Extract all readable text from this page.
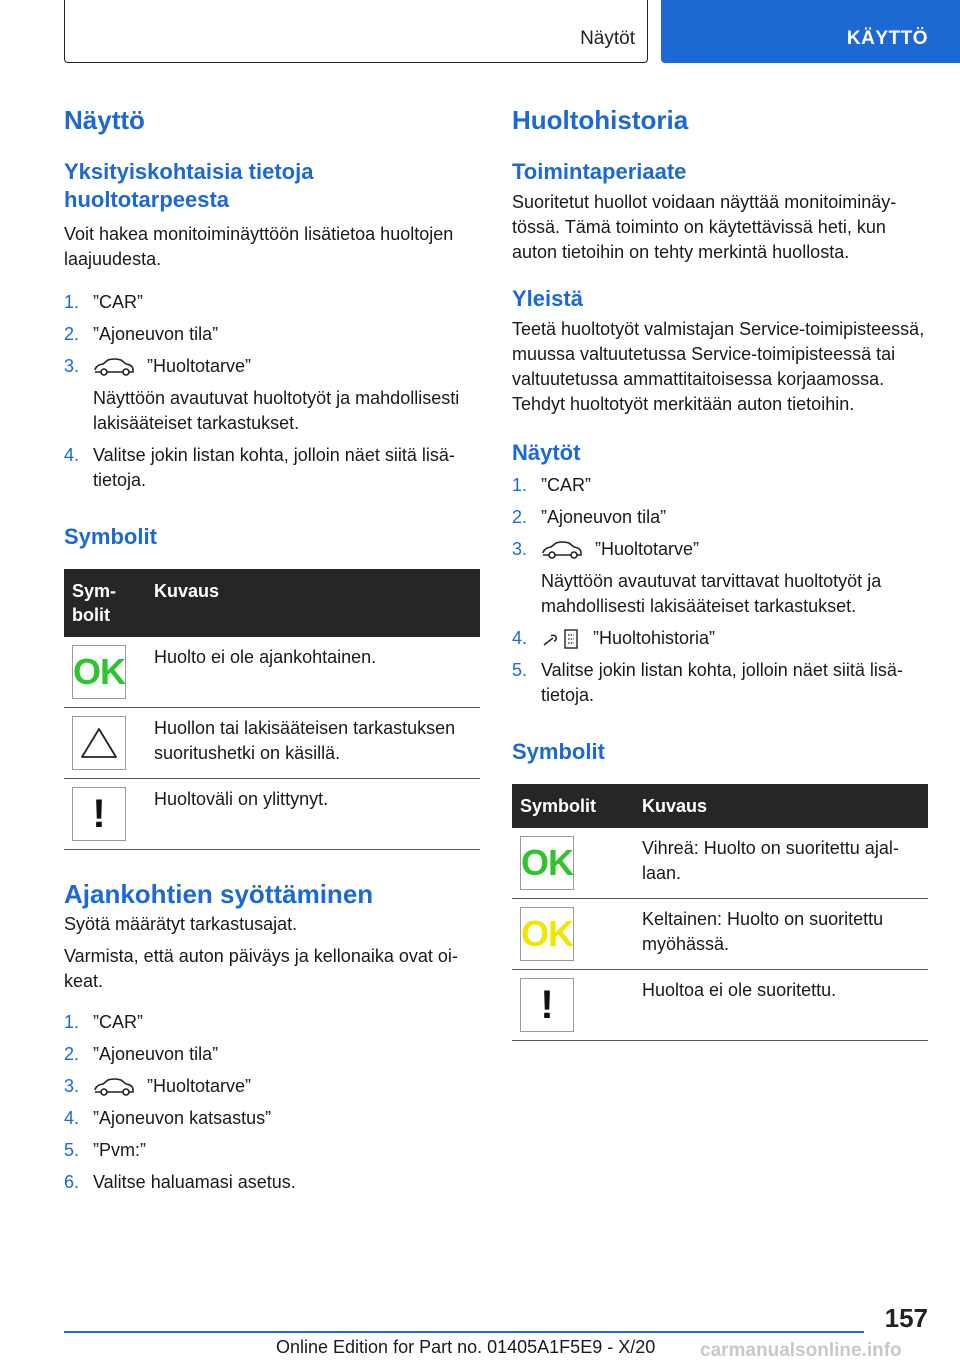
Näytöt	KÄYTTÖ
Näyttö
Yksityiskohtaisia tietoja huoltotarpeesta

Voit hakea monitoiminäyttöön lisätietoa huoltojen laajuudesta.

1. ”CAR”
2. ”Ajoneuvon tila”
3.	”Huoltotarve”
Näyttöön avautuvat huoltotyöt ja mahdollisesti lakisääteiset tarkastukset.
4. Valitse jokin listan kohta, jolloin näet siitä lisätietoja.
Symbolit
Sym-bolit	Kuvaus

OK	Huolto ei ole ajankohtainen.

	Huollon tai lakisääteisen tarkastuksen suoritushetki on käsillä.

!	Huoltoväli on ylittynyt.
Ajankohtien syöttäminen

Syötä määrätyt tarkastusajat.

Varmista, että auton päiväys ja kellonaika ovat oikeat.

1. ”CAR”
2. ”Ajoneuvon tila”
3.	”Huoltotarve”
4. ”Ajoneuvon katsastus”
5. ”Pvm:”
6. Valitse haluamasi asetus.
Huoltohistoria
Toimintaperiaate

Suoritetut huollot voidaan näyttää monitoiminäytössä. Tämä toiminto on käytettävissä heti, kun auton tietoihin on tehty merkintä huollosta.

Yleistä

Teetä huoltotyöt valmistajan Service-toimipisteessä, muussa valtuutetussa Service-toimipisteessä tai valtuutetussa ammattitaitoisessa korjaamossa. Tehdyt huoltotyöt merkitään auton tietoihin.

Näytöt
1. ”CAR”
2. ”Ajoneuvon tila”
3.	”Huoltotarve”
Näyttöön avautuvat tarvittavat huoltotyöt ja mahdollisesti lakisääteiset tarkastukset.
4.	”Huoltohistoria”
5. Valitse jokin listan kohta, jolloin näet siitä lisätietoja.
Symbolit
Symbolit	Kuvaus

OK	Vihreä: Huolto on suoritettu ajallaan.

OK	Keltainen: Huolto on suoritettu myöhässä.

!	Huoltoa ei ole suoritettu.
157
Online Edition for Part no. 01405A1F5E9 - X/20 carmanualsonline.info
